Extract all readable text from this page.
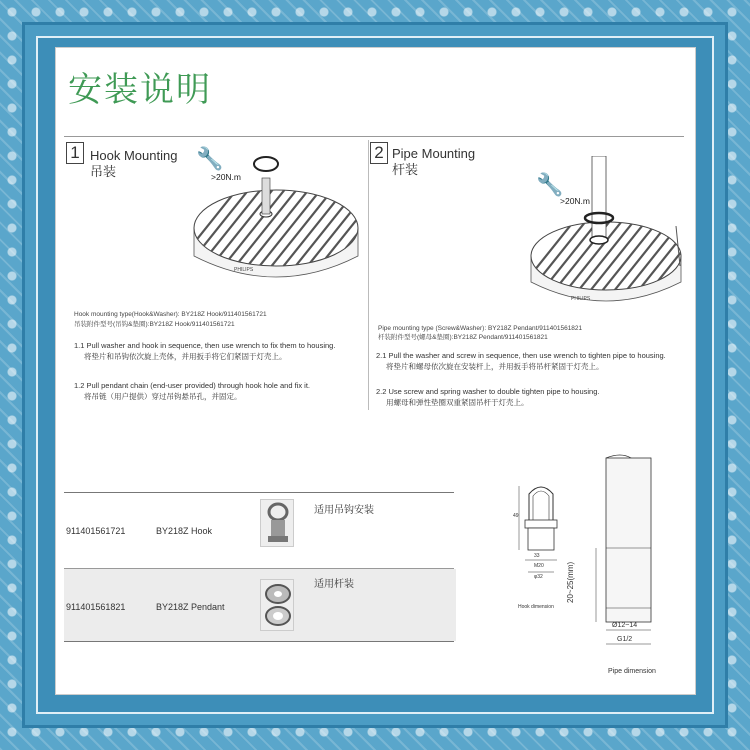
安装说明
1 Hook Mounting
吊装
🔧
>20N.m
PHILIPS
Hook mounting type(Hook&Washer): BY218Z Hook/911401561721
吊装附件型号(吊钩&垫圈):BY218Z Hook/911401561721
1.1 Pull washer and hook in sequence, then use wrench to fix them to housing.
将垫片和吊钩依次旋上壳体，并用扳手将它们紧固于灯壳上。
1.2 Pull pendant chain (end-user provided) through hook hole and fix it.
将吊链（用户提供）穿过吊钩悬吊孔，并固定。
2 Pipe Mounting
杆装
🔧
>20N.m
PHILIPS
Pipe mounting type (Screw&Washer): BY218Z Pendant/911401561821
杆装附件型号(螺母&垫圈):BY218Z Pendant/911401561821
2.1 Pull the washer and screw in sequence, then use wrench to tighten pipe to housing.
将垫片和螺母依次旋在安装杆上，并用扳手将吊杆紧固于灯壳上。
2.2 Use screw and spring washer to double tighten pipe to housing.
用螺母和弹性垫圈双重紧固吊杆于灯壳上。
911401561721	BY218Z Hook
适用吊钩安装
911401561821	BY218Z Pendant
适用杆装
49
33
M20
φ32
Hook dimension
20~25(mm)
Ø12~14
G1/2
Pipe dimension
